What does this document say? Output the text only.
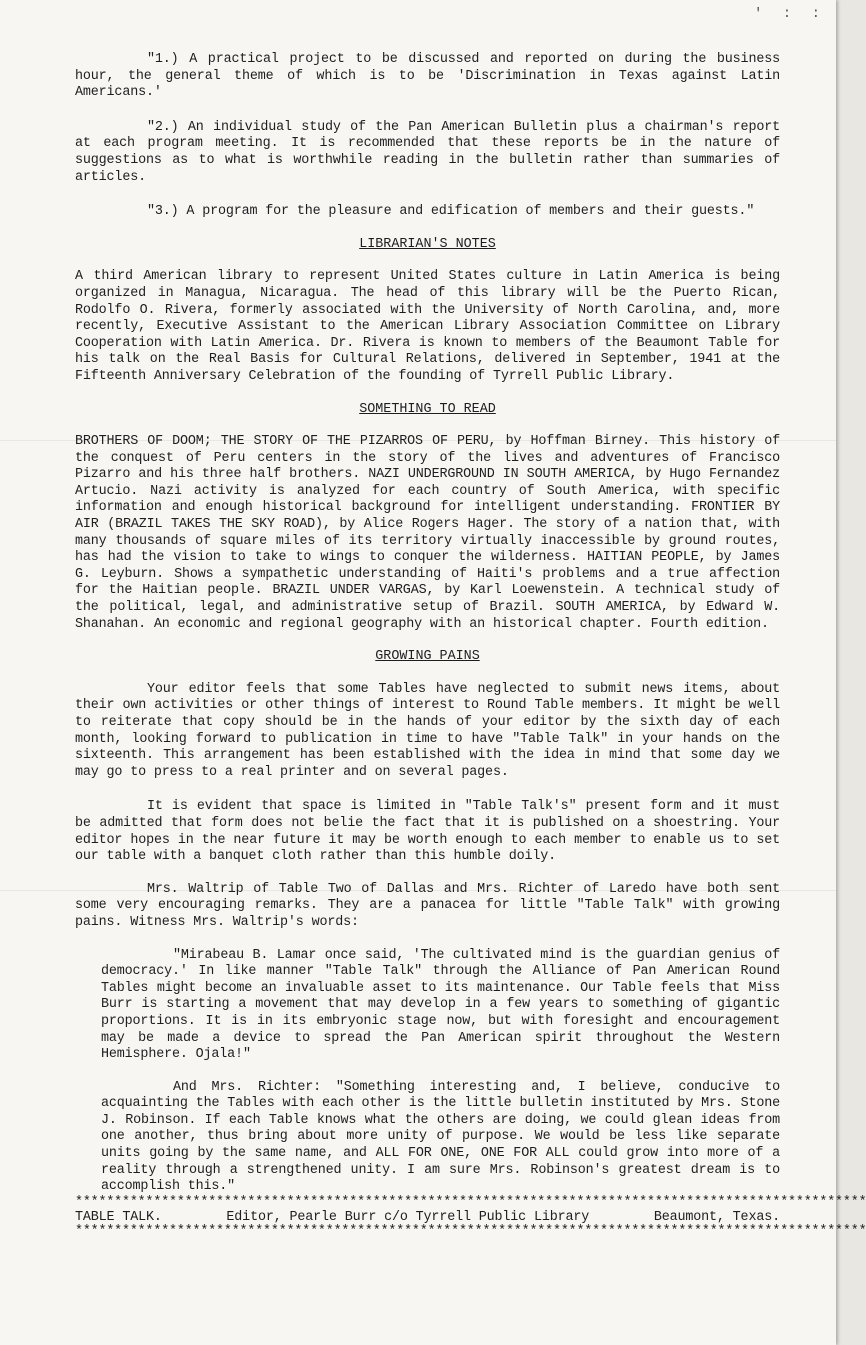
' : :

"1.) A practical project to be discussed and reported on during the business hour, the general theme of which is to be 'Discrimination in Texas against Latin Americans.'

"2.) An individual study of the Pan American Bulletin plus a chairman's report at each program meeting. It is recommended that these reports be in the nature of suggestions as to what is worthwhile reading in the bulletin rather than summaries of articles.

"3.) A program for the pleasure and edification of members and their guests."

LIBRARIAN'S NOTES

A third American library to represent United States culture in Latin America is being organized in Managua, Nicaragua. The head of this library will be the Puerto Rican, Rodolfo O. Rivera, formerly associated with the University of North Carolina, and, more recently, Executive Assistant to the American Library Association Committee on Library Cooperation with Latin America. Dr. Rivera is known to members of the Beaumont Table for his talk on the Real Basis for Cultural Relations, delivered in September, 1941 at the Fifteenth Anniversary Celebration of the founding of Tyrrell Public Library.

SOMETHING TO READ

BROTHERS OF DOOM; THE STORY OF THE PIZARROS OF PERU, by Hoffman Birney. This history of the conquest of Peru centers in the story of the lives and adventures of Francisco Pizarro and his three half brothers. NAZI UNDERGROUND IN SOUTH AMERICA, by Hugo Fernandez Artucio. Nazi activity is analyzed for each country of South America, with specific information and enough historical background for intelligent understanding. FRONTIER BY AIR (BRAZIL TAKES THE SKY ROAD), by Alice Rogers Hager. The story of a nation that, with many thousands of square miles of its territory virtually inaccessible by ground routes, has had the vision to take to wings to conquer the wilderness. HAITIAN PEOPLE, by James G. Leyburn. Shows a sympathetic understanding of Haiti's problems and a true affection for the Haitian people. BRAZIL UNDER VARGAS, by Karl Loewenstein. A technical study of the political, legal, and administrative setup of Brazil. SOUTH AMERICA, by Edward W. Shanahan. An economic and regional geography with an historical chapter. Fourth edition.

GROWING PAINS

Your editor feels that some Tables have neglected to submit news items, about their own activities or other things of interest to Round Table members. It might be well to reiterate that copy should be in the hands of your editor by the sixth day of each month, looking forward to publication in time to have "Table Talk" in your hands on the sixteenth. This arrangement has been established with the idea in mind that some day we may go to press to a real printer and on several pages.

It is evident that space is limited in "Table Talk's" present form and it must be admitted that form does not belie the fact that it is published on a shoestring. Your editor hopes in the near future it may be worth enough to each member to enable us to set our table with a banquet cloth rather than this humble doily.

Mrs. Waltrip of Table Two of Dallas and Mrs. Richter of Laredo have both sent some very encouraging remarks. They are a panacea for little "Table Talk" with growing pains. Witness Mrs. Waltrip's words:

"Mirabeau B. Lamar once said, 'The cultivated mind is the guardian genius of democracy.' In like manner "Table Talk" through the Alliance of Pan American Round Tables might become an invaluable asset to its maintenance. Our Table feels that Miss Burr is starting a movement that may develop in a few years to something of gigantic proportions. It is in its embryonic stage now, but with foresight and encouragement may be made a device to spread the Pan American spirit throughout the Western Hemisphere. Ojala!"

And Mrs. Richter: "Something interesting and, I believe, conducive to acquainting the Tables with each other is the little bulletin instituted by Mrs. Stone J. Robinson. If each Table knows what the others are doing, we could glean ideas from one another, thus bring about more unity of purpose. We would be less like separate units going by the same name, and ALL FOR ONE, ONE FOR ALL could grow into more of a reality through a strengthened unity. I am sure Mrs. Robinson's greatest dream is to accomplish this."

*****************************************************************************************************
TABLE TALK.	Editor, Pearle Burr c/o Tyrrell Public Library	Beaumont, Texas.
*****************************************************************************************************
